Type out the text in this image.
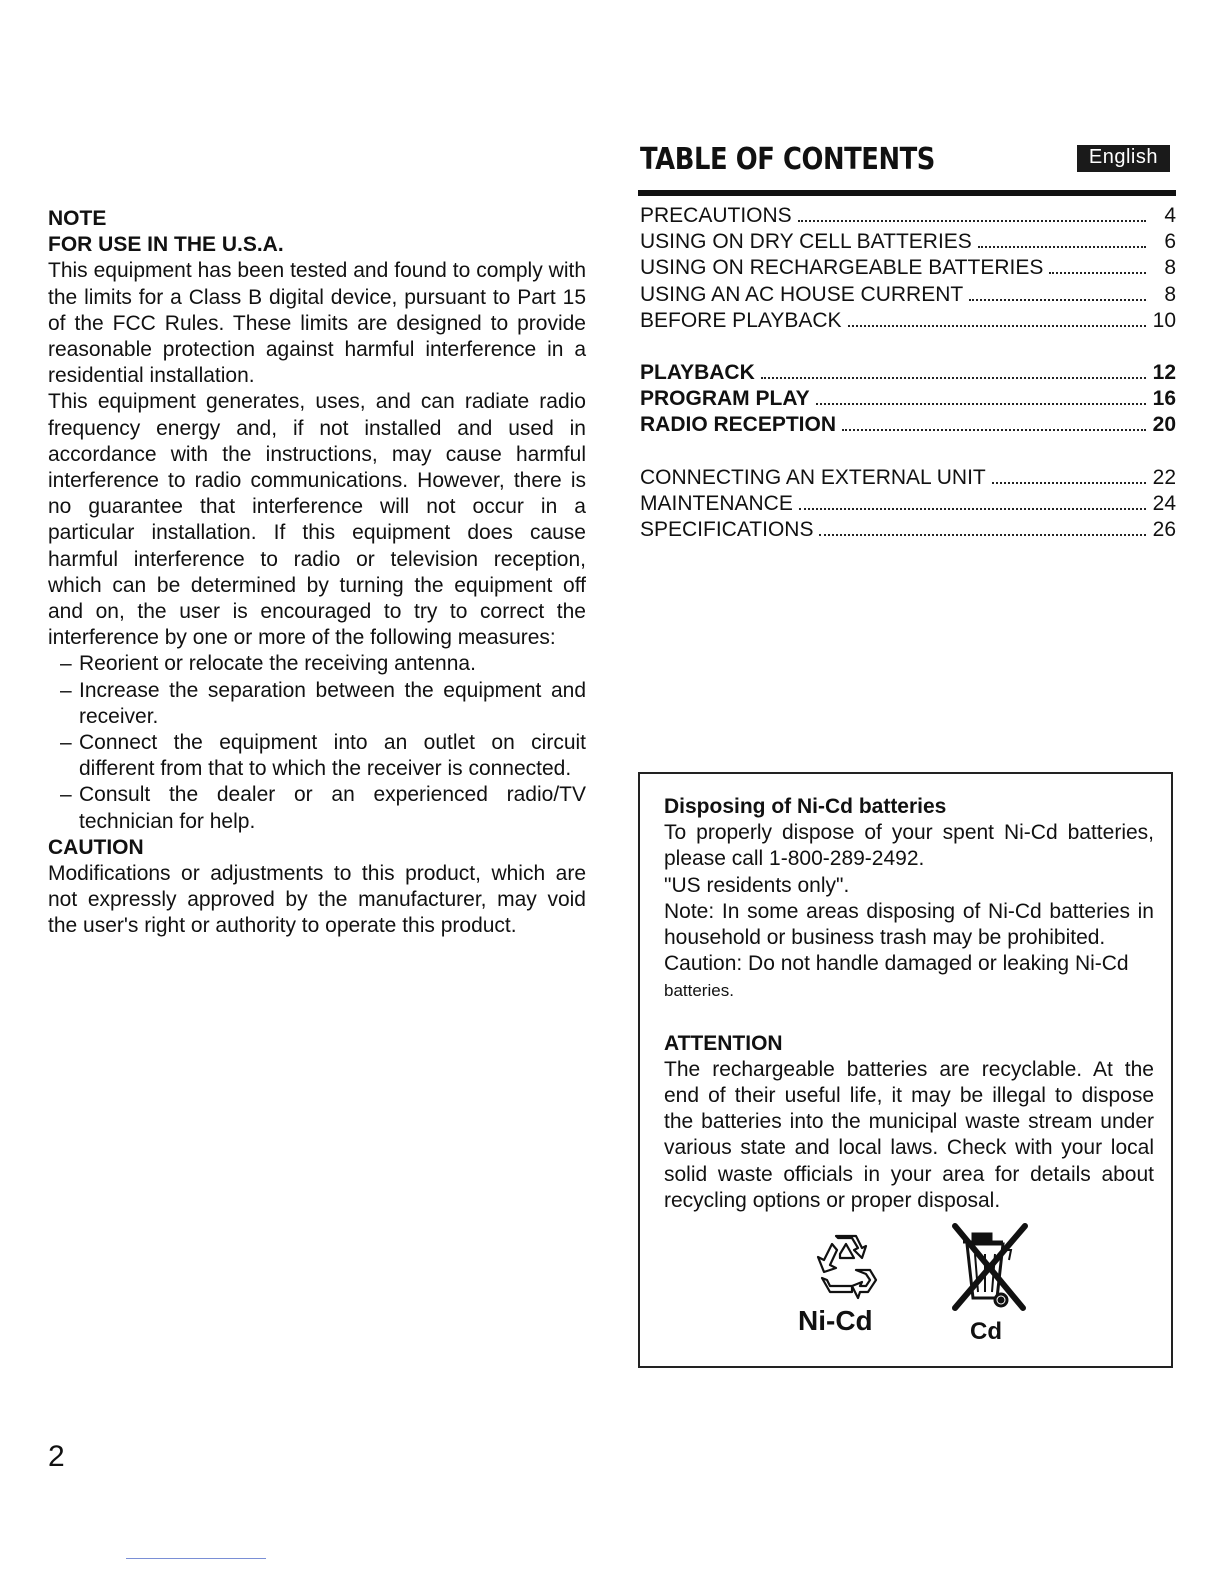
NOTE

FOR USE IN THE U.S.A.

This equipment has been tested and found to comply with the limits for a Class B digital device, pursuant to Part 15 of the FCC Rules. These limits are designed to provide reasonable protection against harmful interference in a residential installation.

This equipment generates, uses, and can radiate radio frequency energy and, if not installed and used in accordance with the instructions, may cause harmful interference to radio communications. However, there is no guarantee that interference will not occur in a particular installation. If this equipment does cause harmful interference to radio or television reception, which can be determined by turning the equipment off and on, the user is encouraged to try to correct the interference by one or more of the following measures:

– Reorient or relocate the receiving antenna.
– Increase the separation between the equipment and receiver.
– Connect the equipment into an outlet on circuit different from that to which the receiver is connected.
– Consult the dealer or an experienced radio/TV technician for help.

CAUTION

Modifications or adjustments to this product, which are not expressly approved by the manufacturer, may void the user's right or authority to operate this product.

TABLE OF CONTENTS	English
PRECAUTIONS	4
USING ON DRY CELL BATTERIES	6
USING ON RECHARGEABLE BATTERIES	8
USING AN AC HOUSE CURRENT	8
BEFORE PLAYBACK	10
PLAYBACK	12
PROGRAM PLAY	16
RADIO RECEPTION	20
CONNECTING AN EXTERNAL UNIT	22
MAINTENANCE	24
SPECIFICATIONS	26

Disposing of Ni-Cd batteries

To properly dispose of your spent Ni-Cd batteries, please call 1-800-289-2492.

"US residents only".

Note: In some areas disposing of Ni-Cd batteries in household or business trash may be prohibited.

Caution: Do not handle damaged or leaking Ni-Cd
batteries.

ATTENTION

The rechargeable batteries are recyclable. At the end of their useful life, it may be illegal to dispose the batteries into the municipal waste stream under various state and local laws. Check with your local solid waste officials in your area for details about recycling options or proper disposal.

Ni-Cd	Cd
2
